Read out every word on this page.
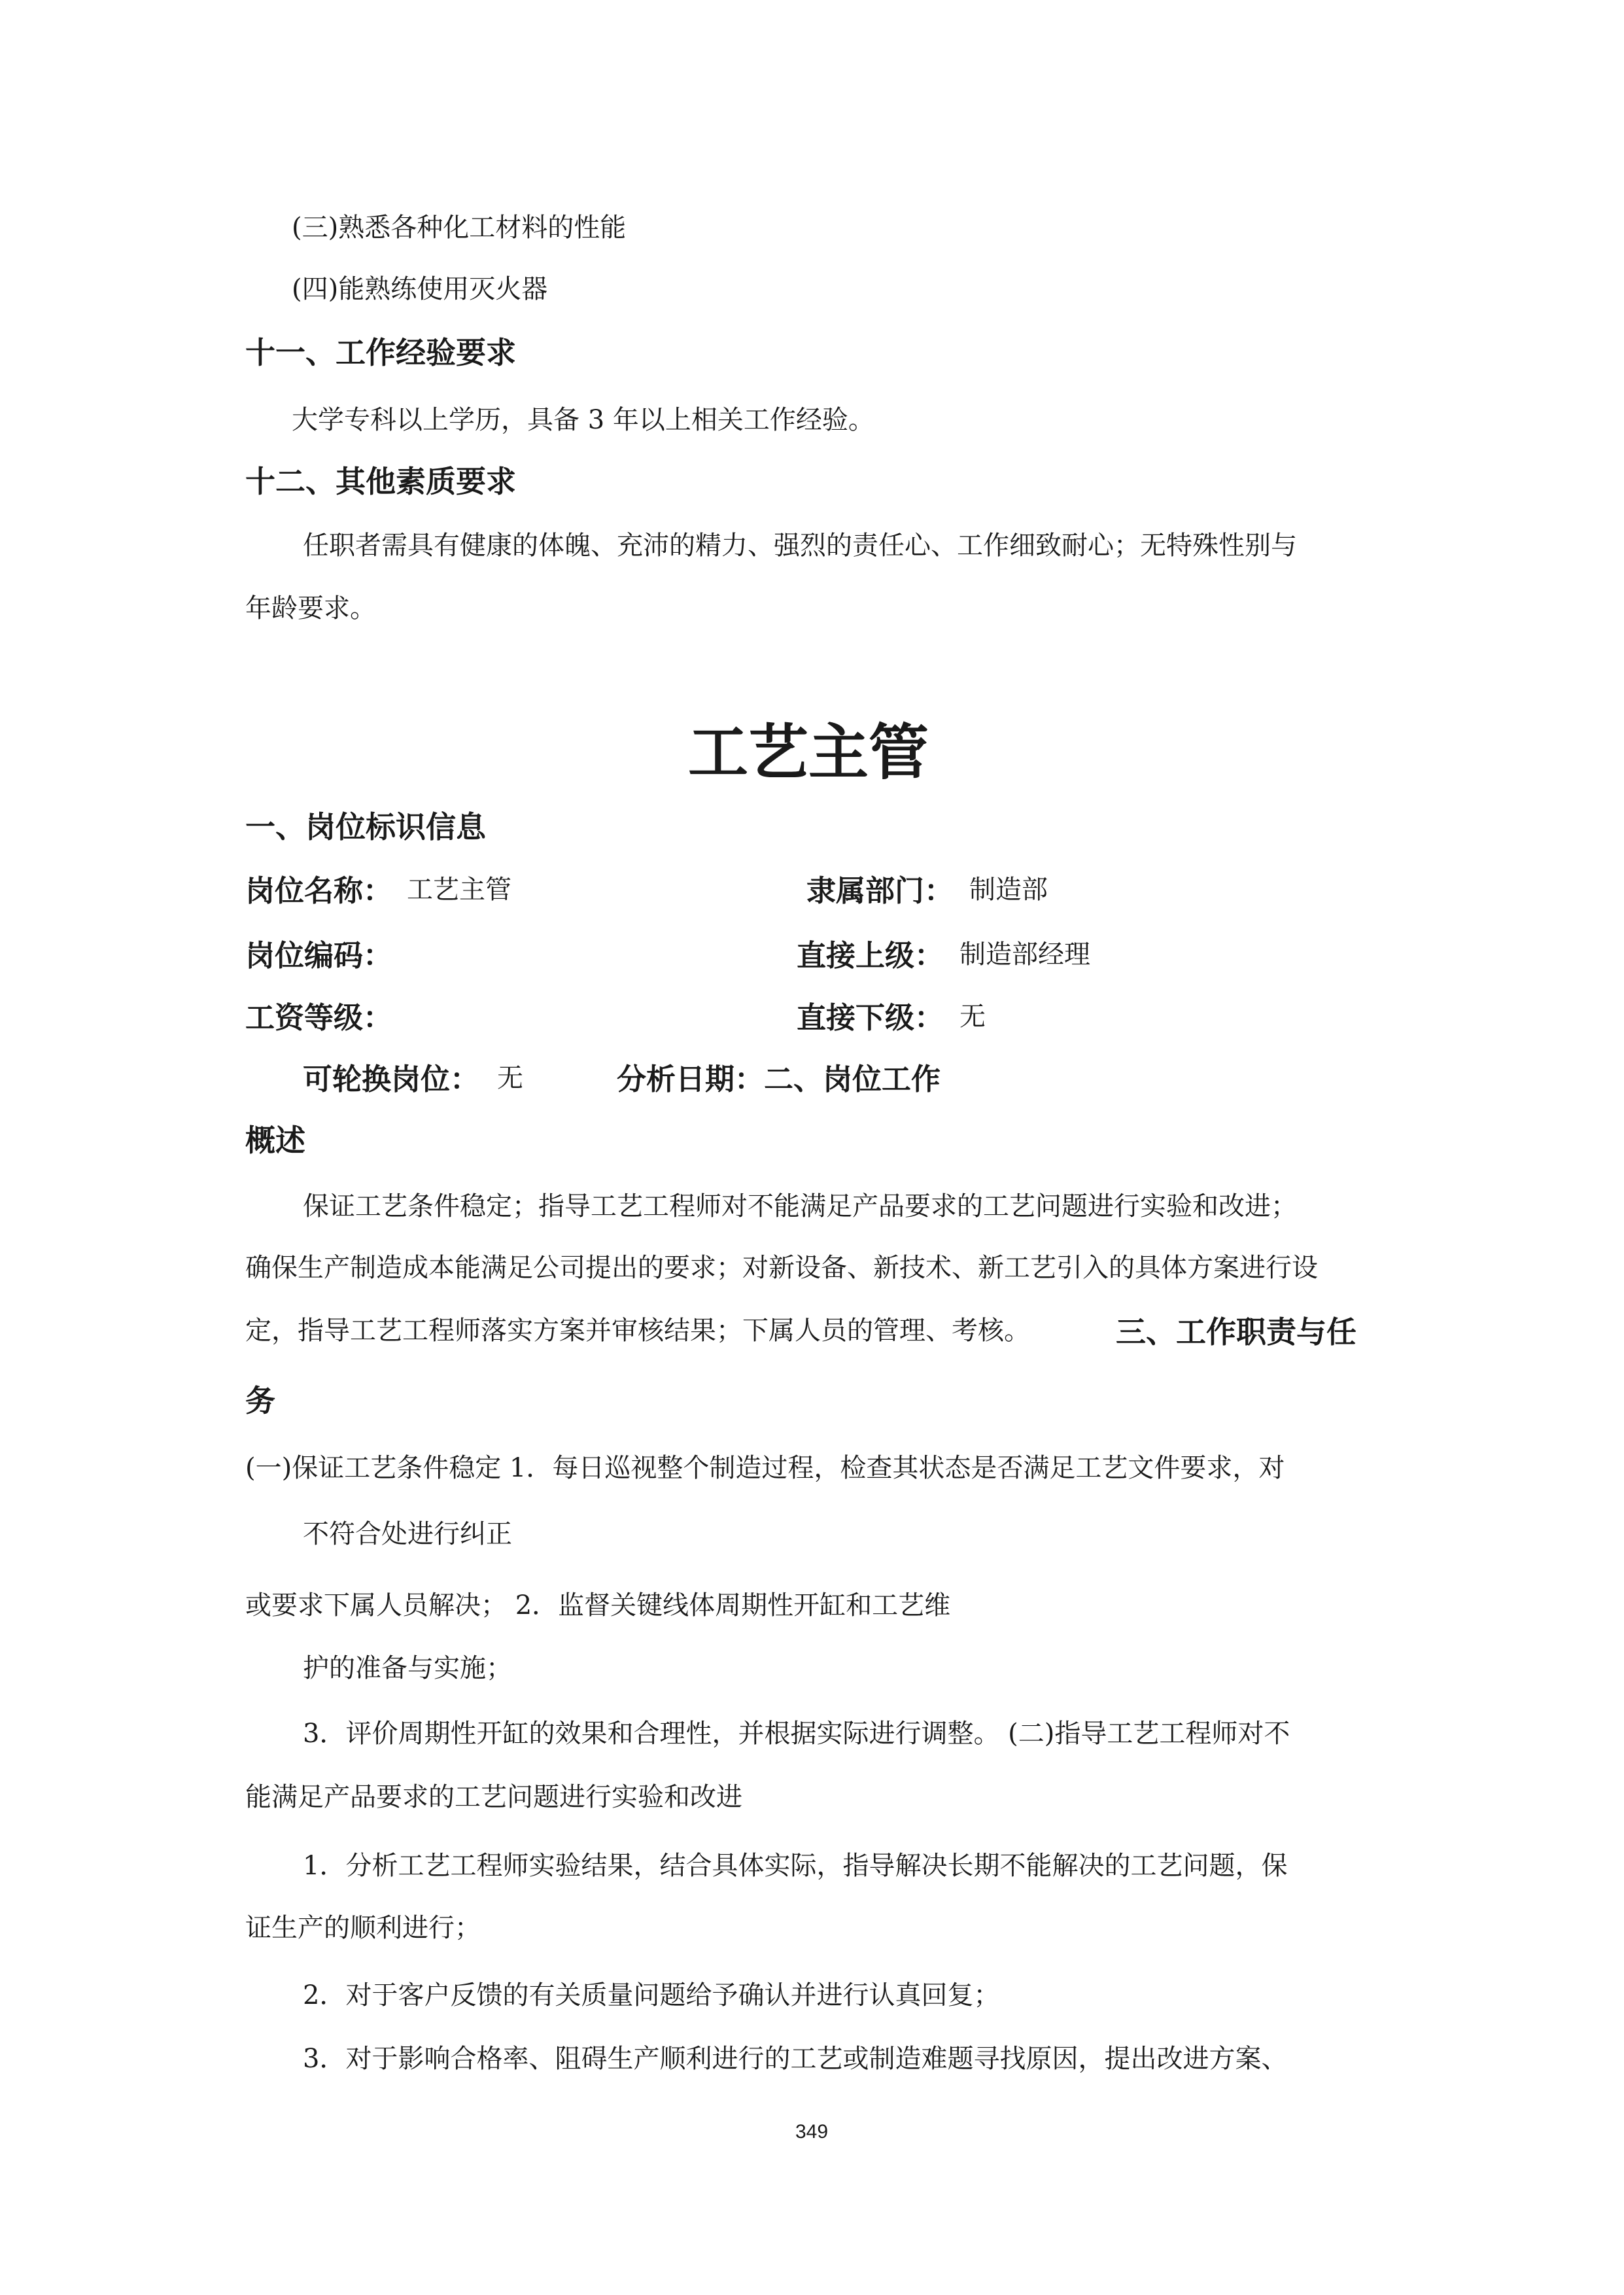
(三)熟悉各种化工材料的性能
(四)能熟练使用灭火器
十一、工作经验要求
大学专科以上学历，具备 3 年以上相关工作经验。
十二、其他素质要求
任职者需具有健康的体魄、充沛的精力、强烈的责任心、工作细致耐心；无特殊性别与
年龄要求。
工艺主管
一、岗位标识信息
岗位名称： 工艺主管	隶属部门： 制造部
岗位编码：	直接上级： 制造部经理
工资等级：	直接下级： 无
可轮换岗位： 无	分析日期：二、岗位工作
概述
保证工艺条件稳定；指导工艺工程师对不能满足产品要求的工艺问题进行实验和改进；
确保生产制造成本能满足公司提出的要求；对新设备、新技术、新工艺引入的具体方案进行设
定，指导工艺工程师落实方案并审核结果；下属人员的管理、考核。	三、工作职责与任
务
(一)保证工艺条件稳定 1．每日巡视整个制造过程，检查其状态是否满足工艺文件要求，对
不符合处进行纠正
或要求下属人员解决； 2．监督关键线体周期性开缸和工艺维
护的准备与实施；
3．评价周期性开缸的效果和合理性，并根据实际进行调整。 (二)指导工艺工程师对不
能满足产品要求的工艺问题进行实验和改进
1．分析工艺工程师实验结果，结合具体实际，指导解决长期不能解决的工艺问题，保
证生产的顺利进行；
2．对于客户反馈的有关质量问题给予确认并进行认真回复；
3．对于影响合格率、阻碍生产顺利进行的工艺或制造难题寻找原因，提出改进方案、
349
